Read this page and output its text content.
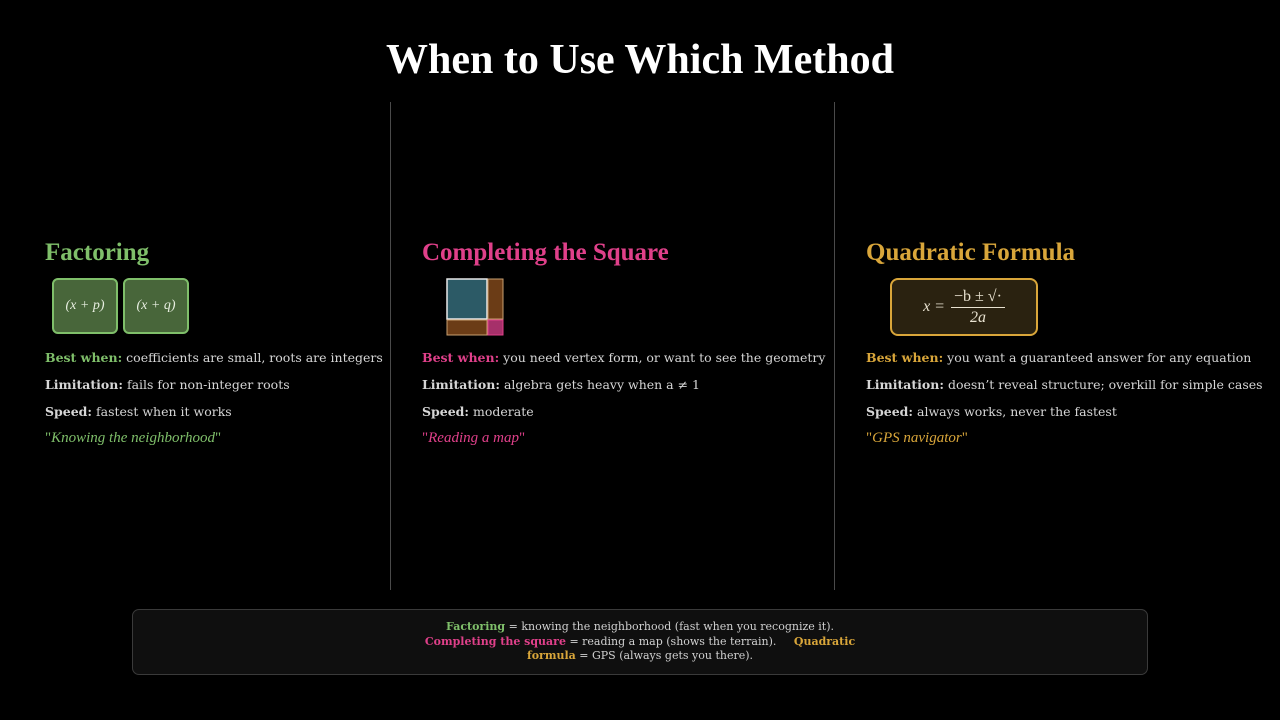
When to Use Which Method
Factoring
(x + p)	(x + q)
Best when: coefficients are small, roots are integers
Limitation: fails for non-integer roots
Speed: fastest when it works
"Knowing the neighborhood"
Completing the Square
Best when: you need vertex form, or want to see the geometry
Limitation: algebra gets heavy when a ≠ 1
Speed: moderate
"Reading a map"
Quadratic Formula
$x = \frac{-b \pm √\cdot}{2a}$
Best when: you want a guaranteed answer for any equation
Limitation: doesn’t reveal structure; overkill for simple cases
Speed: always works, never the fastest
"GPS navigator"
Factoring = knowing the neighborhood (fast when you recognize it).
Completing the square = reading a map (shows the terrain). Quadratic
formula = GPS (always gets you there).
